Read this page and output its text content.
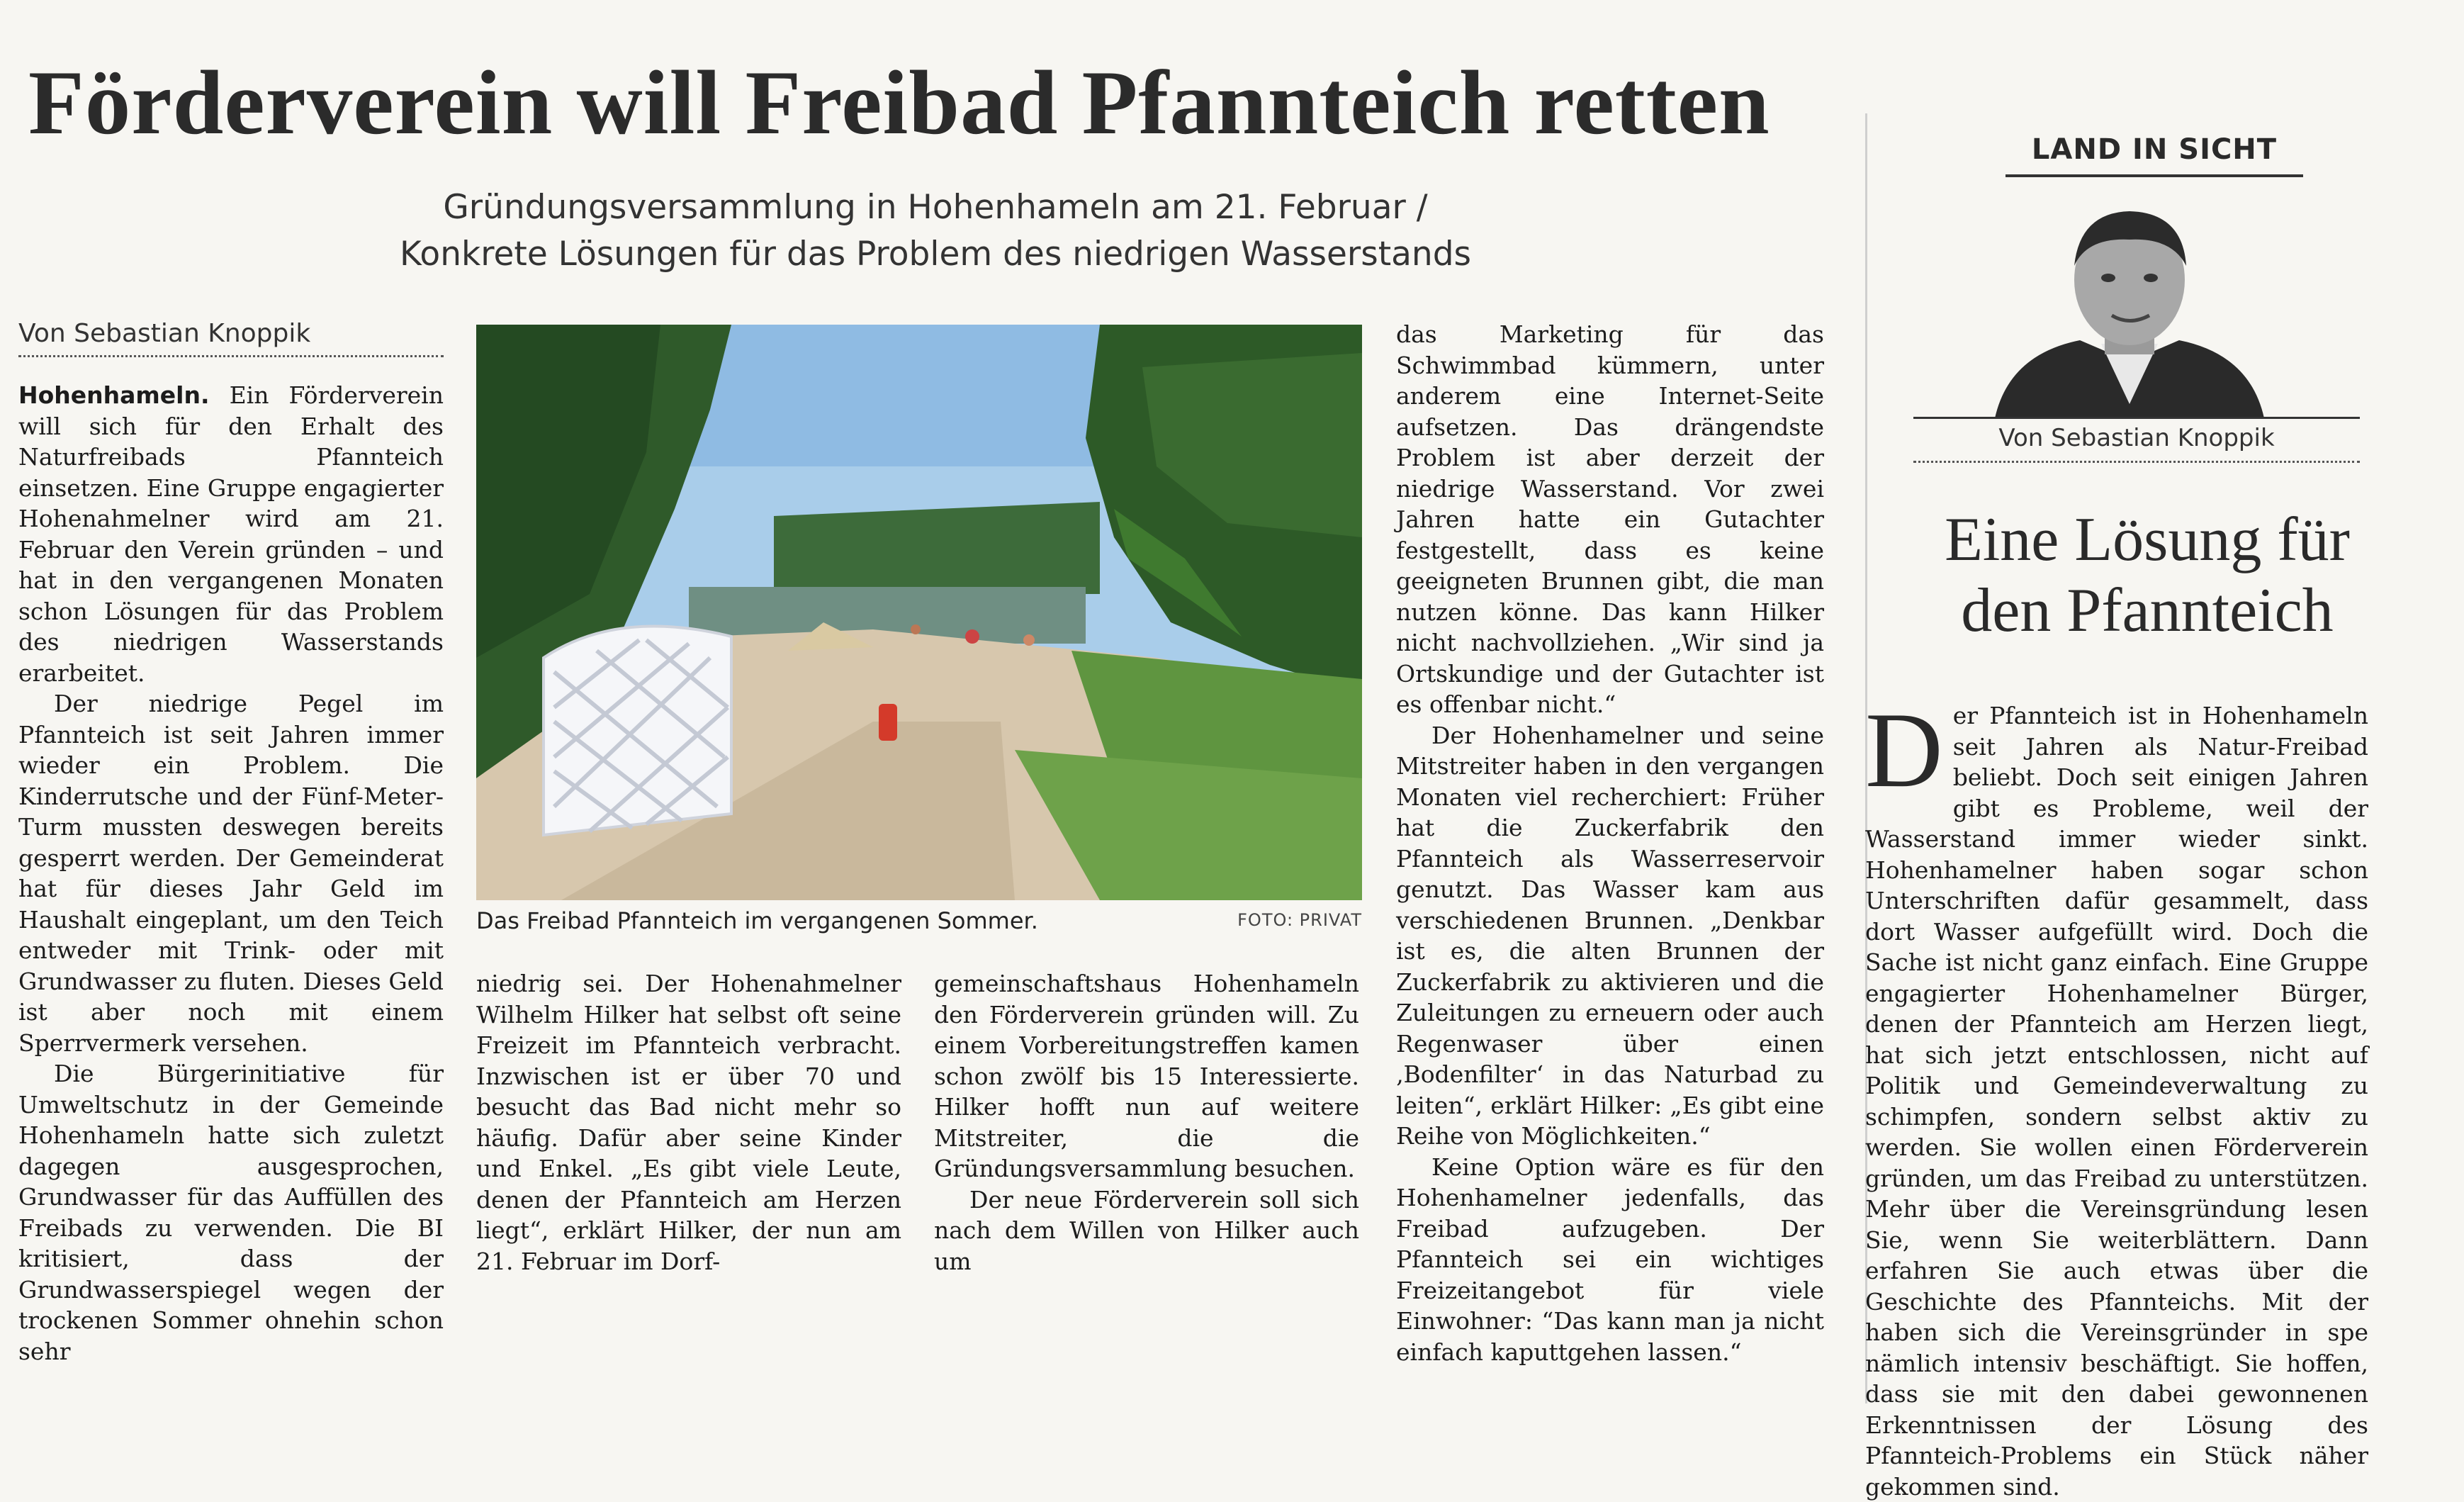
Förderverein will Freibad Pfannteich retten
Gründungsversammlung in Hohenhameln am 21. Februar /
Konkrete Lösungen für das Problem des niedrigen Wasserstands
Von Sebastian Knoppik

Hohenhameln. Ein Förderverein will sich für den Erhalt des Naturfreibads Pfannteich einsetzen. Eine Gruppe engagierter Hohenahmelner wird am 21. Februar den Verein gründen – und hat in den vergangenen Monaten schon Lösungen für das Problem des niedrigen Wasserstands erarbeitet.

Der niedrige Pegel im Pfannteich ist seit Jahren immer wieder ein Problem. Die Kinderrutsche und der Fünf-Meter-Turm mussten deswegen bereits gesperrt werden. Der Gemeinderat hat für dieses Jahr Geld im Haushalt eingeplant, um den Teich entweder mit Trink- oder mit Grundwasser zu fluten. Dieses Geld ist aber noch mit einem Sperrvermerk versehen.

Die Bürgerinitiative für Umweltschutz in der Gemeinde Hohenhameln hatte sich zuletzt dagegen ausgesprochen, Grundwasser für das Auffüllen des Freibads zu verwenden. Die BI kritisiert, dass der Grundwasserspiegel wegen der trockenen Sommer ohnehin schon sehr

Das Freibad Pfannteich im vergangenen Sommer.	FOTO: PRIVAT

niedrig sei. Der Hohenahmelner Wilhelm Hilker hat selbst oft seine Freizeit im Pfannteich verbracht. Inzwischen ist er über 70 und besucht das Bad nicht mehr so häufig. Dafür aber seine Kinder und Enkel. „Es gibt viele Leute, denen der Pfannteich am Herzen liegt“, erklärt Hilker, der nun am 21. Februar im Dorf-

gemeinschaftshaus Hohenhameln den Förderverein gründen will. Zu einem Vorbereitungstreffen kamen schon zwölf bis 15 Interessierte. Hilker hofft nun auf weitere Mitstreiter, die die Gründungsversammlung besuchen.

Der neue Förderverein soll sich nach dem Willen von Hilker auch um

das Marketing für das Schwimmbad kümmern, unter anderem eine Internet-Seite aufsetzen. Das drängendste Problem ist aber derzeit der niedrige Wasserstand. Vor zwei Jahren hatte ein Gutachter festgestellt, dass es keine geeigneten Brunnen gibt, die man nutzen könne. Das kann Hilker nicht nachvollziehen. „Wir sind ja Ortskundige und der Gutachter ist es offenbar nicht.“

Der Hohenhamelner und seine Mitstreiter haben in den vergangen Monaten viel recherchiert: Früher hat die Zuckerfabrik den Pfannteich als Wasserreservoir genutzt. Das Wasser kam aus verschiedenen Brunnen. „Denkbar ist es, die alten Brunnen der Zuckerfabrik zu aktivieren und die Zuleitungen zu erneuern oder auch Regenwaser über einen ‚Bodenfilter‘ in das Naturbad zu leiten“, erklärt Hilker: „Es gibt eine Reihe von Möglichkeiten.“

Keine Option wäre es für den Hohenhamelner jedenfalls, das Freibad aufzugeben. Der Pfannteich sei ein wichtiges Freizeitangebot für viele Einwohner: “Das kann man ja nicht einfach kaputtgehen lassen.“

LAND IN SICHT
Von Sebastian Knoppik
Eine Lösung für
den Pfannteich
Der Pfannteich ist in Hohenhameln seit Jahren als Natur-Freibad beliebt. Doch seit einigen Jahren gibt es Probleme, weil der Wasserstand immer wieder sinkt. Hohenhamelner haben sogar schon Unterschriften dafür gesammelt, dass dort Wasser aufgefüllt wird. Doch die Sache ist nicht ganz einfach. Eine Gruppe engagierter Hohenhamelner Bürger, denen der Pfannteich am Herzen liegt, hat sich jetzt entschlossen, nicht auf Politik und Gemeindeverwaltung zu schimpfen, sondern selbst aktiv zu werden. Sie wollen einen Förderverein gründen, um das Freibad zu unterstützen. Mehr über die Vereinsgründung lesen Sie, wenn Sie weiterblättern. Dann erfahren Sie auch etwas über die Geschichte des Pfannteichs. Mit der haben sich die Vereinsgründer in spe nämlich intensiv beschäftigt. Sie hoffen, dass sie mit den dabei gewonnenen Erkenntnissen der Lösung des Pfannteich-Problems ein Stück näher gekommen sind.
